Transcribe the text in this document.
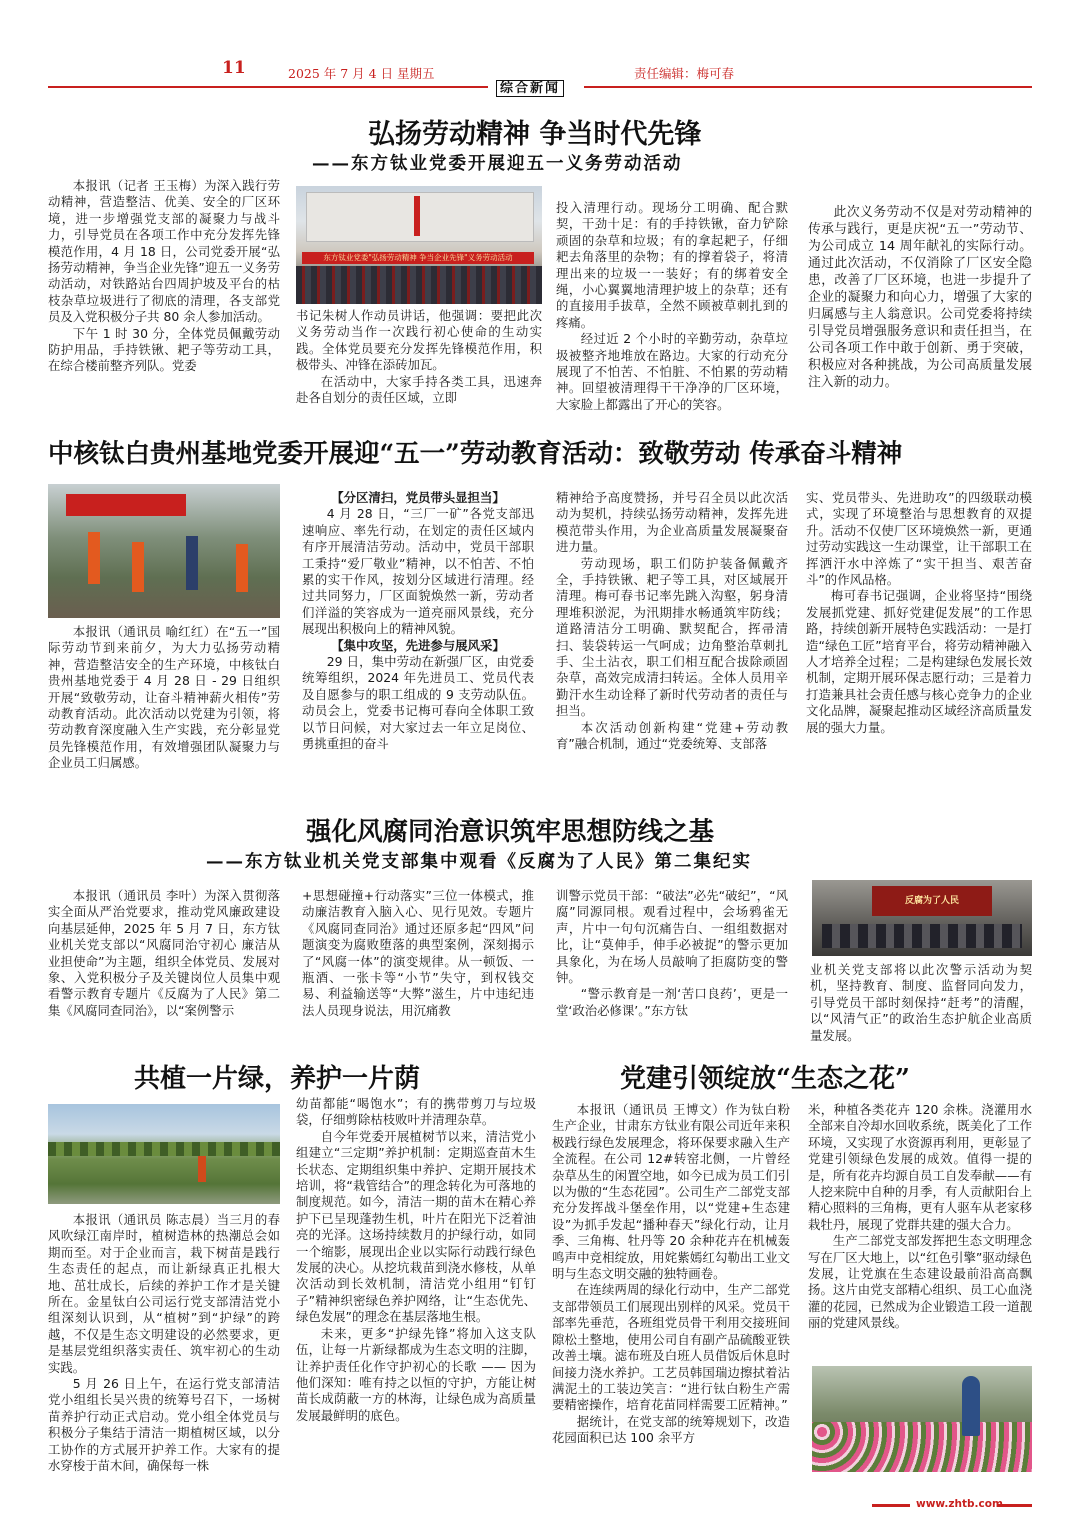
11	2025 年 7 月 4 日 星期五	责任编辑：梅可春
综合新闻
弘扬劳动精神 争当时代先锋
——东方钛业党委开展迎五一义务劳动活动

本报讯（记者 王玉梅）为深入践行劳动精神，营造整洁、优美、安全的厂区环境，进一步增强党支部的凝聚力与战斗力，引导党员在各项工作中充分发挥先锋模范作用，4 月 18 日，公司党委开展“弘扬劳动精神，争当企业先锋”迎五一义务劳动活动，对铁路站台四周护坡及平台的枯枝杂草垃圾进行了彻底的清理，各支部党员及入党积极分子共 80 余人参加活动。

下午 1 时 30 分，全体党员佩戴劳动防护用品，手持铁锹、耙子等劳动工具，在综合楼前整齐列队。党委

东方钛业党委"弘扬劳动精神 争当企业先锋"义务劳动活动

书记朱树人作动员讲话，他强调：要把此次义务劳动当作一次践行初心使命的生动实践。全体党员要充分发挥先锋模范作用，积极带头、冲锋在添砖加瓦。

在活动中，大家手持各类工具，迅速奔赴各自划分的责任区域，立即

投入清理行动。现场分工明确、配合默契，干劲十足：有的手持铁锹，奋力铲除顽固的杂草和垃圾；有的拿起耙子，仔细耙去角落里的杂物；有的撑着袋子，将清理出来的垃圾一一装好；有的绑着安全绳，小心翼翼地清理护坡上的杂草；还有的直接用手拔草，全然不顾被草刺扎到的疼痛。

经过近 2 个小时的辛勤劳动，杂草垃圾被整齐地堆放在路边。大家的行动充分展现了不怕苦、不怕脏、不怕累的劳动精神。回望被清理得干干净净的厂区环境，大家脸上都露出了开心的笑容。

此次义务劳动不仅是对劳动精神的传承与践行，更是庆祝“五一”劳动节、为公司成立 14 周年献礼的实际行动。通过此次活动，不仅消除了厂区安全隐患，改善了厂区环境，也进一步提升了企业的凝聚力和向心力，增强了大家的归属感与主人翁意识。公司党委将持续引导党员增强服务意识和责任担当，在公司各项工作中敢于创新、勇于突破，积极应对各种挑战，为公司高质量发展注入新的动力。

中核钛白贵州基地党委开展迎“五一”劳动教育活动：致敬劳动 传承奋斗精神

本报讯（通讯员 喻红红）在“五一”国际劳动节到来前夕，为大力弘扬劳动精神，营造整洁安全的生产环境，中核钛白贵州基地党委于 4 月 28 日 - 29 日组织开展“致敬劳动，让奋斗精神薪火相传”劳动教育活动。此次活动以党建为引领，将劳动教育深度融入生产实践，充分彰显党员先锋模范作用，有效增强团队凝聚力与企业员工归属感。

【分区清扫，党员带头显担当】

4 月 28 日，“三厂一矿”各党支部迅速响应、率先行动，在划定的责任区域内有序开展清洁劳动。活动中，党员干部职工秉持“爱厂敬业”精神，以不怕苦、不怕累的实干作风，按划分区域进行清理。经过共同努力，厂区面貌焕然一新，劳动者们洋溢的笑容成为一道亮丽风景线，充分展现出积极向上的精神风貌。

【集中攻坚，先进参与展风采】

29 日，集中劳动在新强厂区，由党委统筹组织，2024 年先进员工、党员代表及自愿参与的职工组成的 9 支劳动队伍。动员会上，党委书记梅可春向全体职工致以节日问候，对大家过去一年立足岗位、勇挑重担的奋斗

精神给予高度赞扬，并号召全员以此次活动为契机，持续弘扬劳动精神，发挥先进模范带头作用，为企业高质量发展凝聚奋进力量。

劳动现场，职工们防护装备佩戴齐全，手持铁锹、耙子等工具，对区域展开清理。梅可春书记率先跳入沟壑，躬身清理堆积淤泥，为汛期排水畅通筑牢防线；道路清洁分工明确、默契配合，挥帚清扫、装袋转运一气呵成；边角整治草刺扎手、尘土沾衣，职工们相互配合拔除顽固杂草，高效完成清扫转运。全体人员用辛勤汗水生动诠释了新时代劳动者的责任与担当。

本次活动创新构建“党建+劳动教育”融合机制，通过“党委统筹、支部落

实、党员带头、先进助攻”的四级联动模式，实现了环境整治与思想教育的双提升。活动不仅使厂区环境焕然一新，更通过劳动实践这一生动课堂，让干部职工在挥洒汗水中淬炼了“实干担当、艰苦奋斗”的作风品格。

梅可春书记强调，企业将坚持“围绕发展抓党建、抓好党建促发展”的工作思路，持续创新开展特色实践活动：一是打造“绿色工匠”培育平台，将劳动精神融入人才培养全过程；二是构建绿色发展长效机制，定期开展环保志愿行动；三是着力打造兼具社会责任感与核心竞争力的企业文化品牌，凝聚起推动区域经济高质量发展的强大力量。

强化风腐同治意识筑牢思想防线之基
——东方钛业机关党支部集中观看《反腐为了人民》第二集纪实

本报讯（通讯员 李叶）为深入贯彻落实全面从严治党要求，推动党风廉政建设向基层延伸，2025 年 5 月 7 日，东方钛业机关党支部以“风腐同治守初心 廉洁从业担使命”为主题，组织全体党员、发展对象、入党积极分子及关键岗位人员集中观看警示教育专题片《反腐为了人民》第二集《风腐同查同治》，以“案例警示

+思想碰撞+行动落实”三位一体模式，推动廉洁教育入脑入心、见行见效。专题片《风腐同查同治》通过还原多起“四风”问题演变为腐败堕落的典型案例，深刻揭示了“风腐一体”的演变规律。从一顿饭、一瓶酒、一张卡等“小节”失守，到权钱交易、利益输送等“大弊”滋生，片中违纪违法人员现身说法，用沉痛教

训警示党员干部：“破法”必先“破纪”，“风腐”同源同根。观看过程中，会场鸦雀无声，片中一句句沉痛告白、一组组数据对比，让“莫伸手，伸手必被捉”的警示更加具象化，为在场人员敲响了拒腐防变的警钟。

“警示教育是一剂‘苦口良药’，更是一堂‘政治必修课’。”东方钛

反腐为了人民

业机关党支部将以此次警示活动为契机，坚持教育、制度、监督同向发力，引导党员干部时刻保持“赶考”的清醒，以“风清气正”的政治生态护航企业高质量发展。

共植一片绿，养护一片荫

本报讯（通讯员 陈志晨）当三月的春风吹绿江南岸时，植树造林的热潮总会如期而至。对于企业而言，栽下树苗是践行生态责任的起点，而让新绿真正扎根大地、茁壮成长，后续的养护工作才是关键所在。金星钛白公司运行党支部清洁党小组深刻认识到，从“植树”到“护绿”的跨越，不仅是生态文明建设的必然要求，更是基层党组织落实责任、筑牢初心的生动实践。

5 月 26 日上午，在运行党支部清洁党小组组长吴兴贵的统筹号召下，一场树苗养护行动正式启动。党小组全体党员与积极分子集结于清洁一期植树区域，以分工协作的方式展开护养工作。大家有的提水穿梭于苗木间，确保每一株

幼苗都能“喝饱水”；有的携带剪刀与垃圾袋，仔细剪除枯枝败叶并清理杂草。

自今年党委开展植树节以来，清洁党小组建立“三定期”养护机制：定期巡查苗木生长状态、定期组织集中养护、定期开展技术培训，将“栽管结合”的理念转化为可落地的制度规范。如今，清洁一期的苗木在精心养护下已呈现蓬勃生机，叶片在阳光下泛着油亮的光泽。这场持续数月的护绿行动，如同一个缩影，展现出企业以实际行动践行绿色发展的决心。从挖坑栽苗到浇水修枝，从单次活动到长效机制，清洁党小组用“钉钉子”精神织密绿色养护网络，让“生态优先、绿色发展”的理念在基层落地生根。

未来，更多“护绿先锋”将加入这支队伍，让每一片新绿都成为生态文明的注脚，让养护责任化作守护初心的长歌 —— 因为他们深知：唯有持之以恒的守护，方能让树苗长成荫蔽一方的林海，让绿色成为高质量发展最鲜明的底色。

党建引领绽放“生态之花”

本报讯（通讯员 王博文）作为钛白粉生产企业，甘肃东方钛业有限公司近年来积极践行绿色发展理念，将环保要求融入生产全流程。在公司 12#转窑北侧，一片曾经杂草丛生的闲置空地，如今已成为员工们引以为傲的“生态花园”。公司生产二部党支部充分发挥战斗堡垒作用，以“党建+生态建设”为抓手发起“播种春天”绿化行动，让月季、三角梅、牡丹等 20 余种花卉在机械轰鸣声中竞相绽放，用姹紫嫣红勾勒出工业文明与生态文明交融的独特画卷。

在连续两周的绿化行动中，生产二部党支部带领员工们展现出别样的风采。党员干部率先垂范，各班组党员骨干利用交接班间隙松土整地，使用公司自有副产品硫酸亚铁改善土壤。滤布班及白班人员借饭后休息时间接力浇水养护。工艺员韩国瑞边擦拭着沾满泥土的工装边笑言：“进行钛白粉生产需要精密操作，培育花苗同样需要工匠精神。”

据统计，在党支部的统筹规划下，改造花园面积已达 100 余平方

米，种植各类花卉 120 余株。浇灌用水全部来自冷却水回收系统，既美化了工作环境，又实现了水资源再利用，更彰显了党建引领绿色发展的成效。值得一提的是，所有花卉均源自员工自发奉献——有人挖来院中自种的月季，有人贡献阳台上精心照料的三角梅，更有人驱车从老家移栽牡丹，展现了党群共建的强大合力。

生产二部党支部发挥把生态文明理念写在厂区大地上，以“红色引擎”驱动绿色发展，让党旗在生态建设最前沿高高飘扬。这片由党支部精心组织、员工心血浇灌的花园，已然成为企业锻造工段一道靓丽的党建风景线。

www.zhtb.com
